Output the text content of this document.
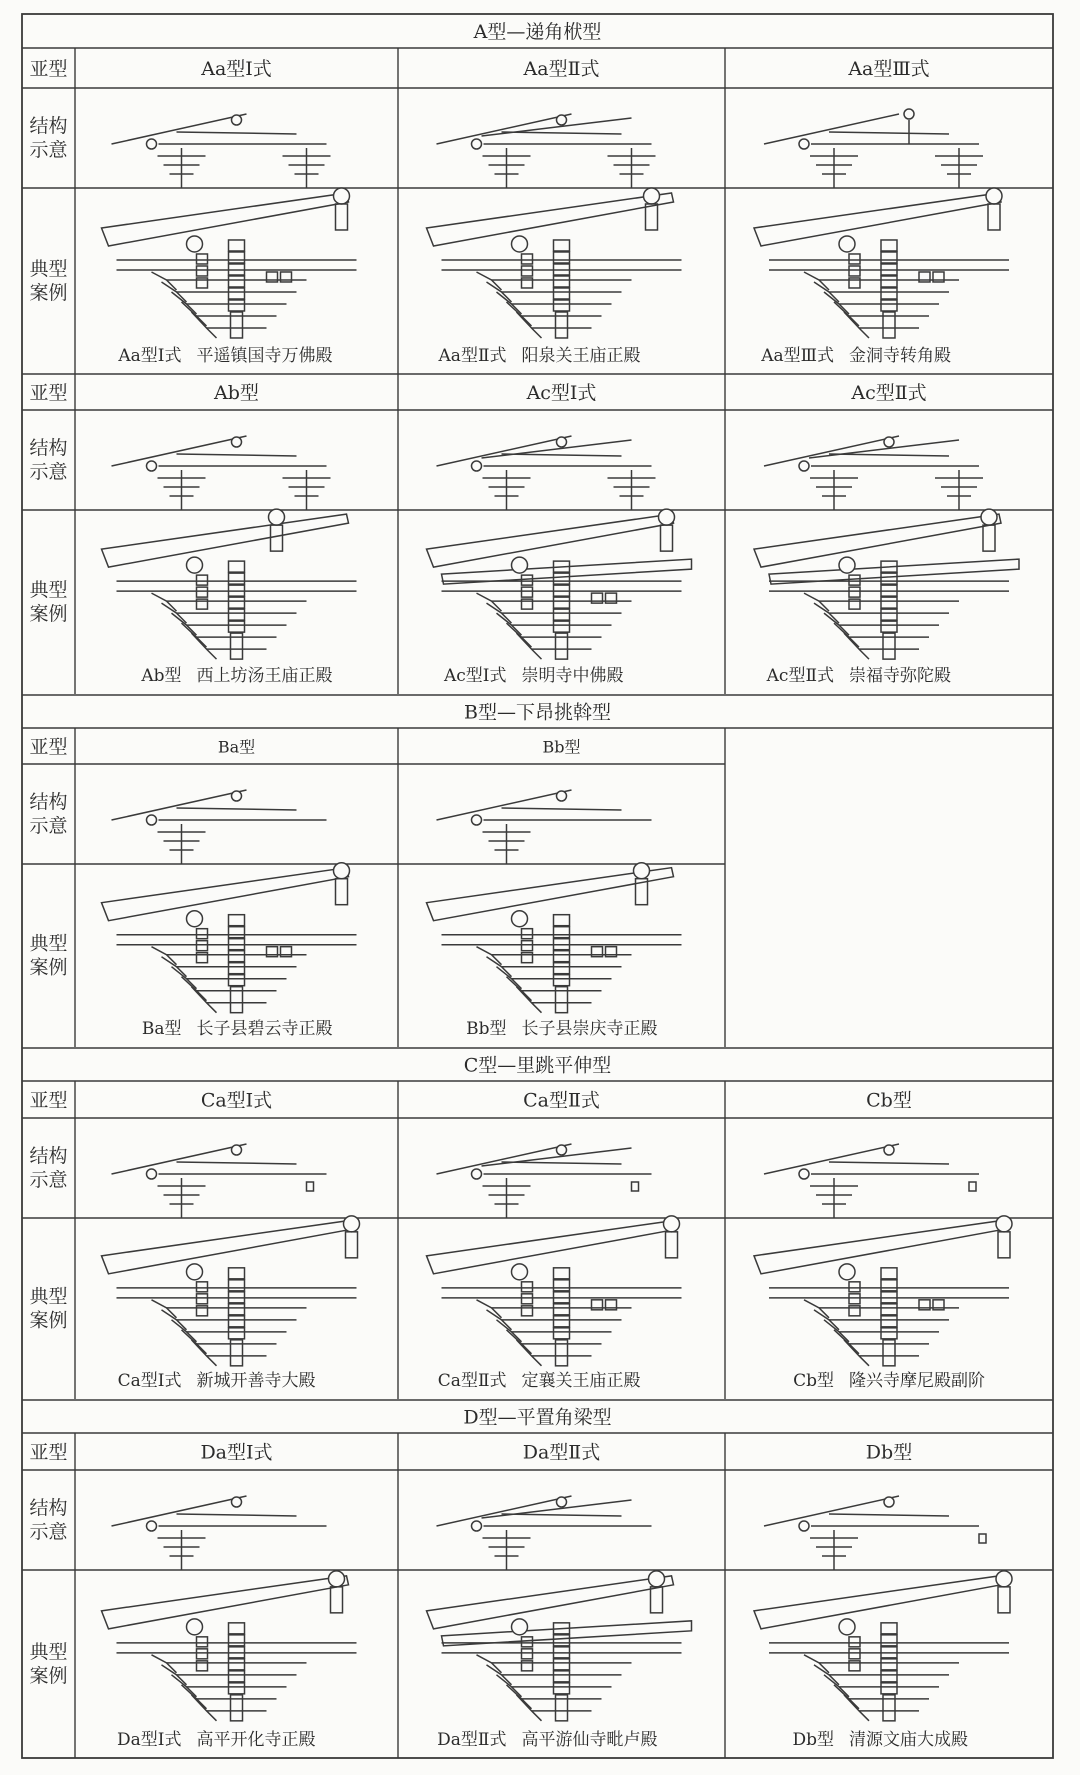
A型—递角栿型
B型—下昂挑斡型
C型—里跳平伸型
D型—平置角梁型
亚型
结构
示意
典型
案例
Aa型Ⅰ式
Aa型Ⅰ式 平遥镇国寺万佛殿
Aa型Ⅱ式
Aa型Ⅱ式 阳泉关王庙正殿
Aa型Ⅲ式
Aa型Ⅲ式 金洞寺转角殿
亚型
结构
示意
典型
案例
Ab型
Ab型 西上坊汤王庙正殿
Ac型Ⅰ式
Ac型Ⅰ式 崇明寺中佛殿
Ac型Ⅱ式
Ac型Ⅱ式 崇福寺弥陀殿
亚型
结构
示意
典型
案例
Ba型
Ba型 长子县碧云寺正殿
Bb型
Bb型 长子县崇庆寺正殿
亚型
结构
示意
典型
案例
Ca型Ⅰ式
Ca型Ⅰ式 新城开善寺大殿
Ca型Ⅱ式
Ca型Ⅱ式 定襄关王庙正殿
Cb型
Cb型 隆兴寺摩尼殿副阶
亚型
结构
示意
典型
案例
Da型Ⅰ式
Da型Ⅰ式 高平开化寺正殿
Da型Ⅱ式
Da型Ⅱ式 高平游仙寺毗卢殿
Db型
Db型 清源文庙大成殿
